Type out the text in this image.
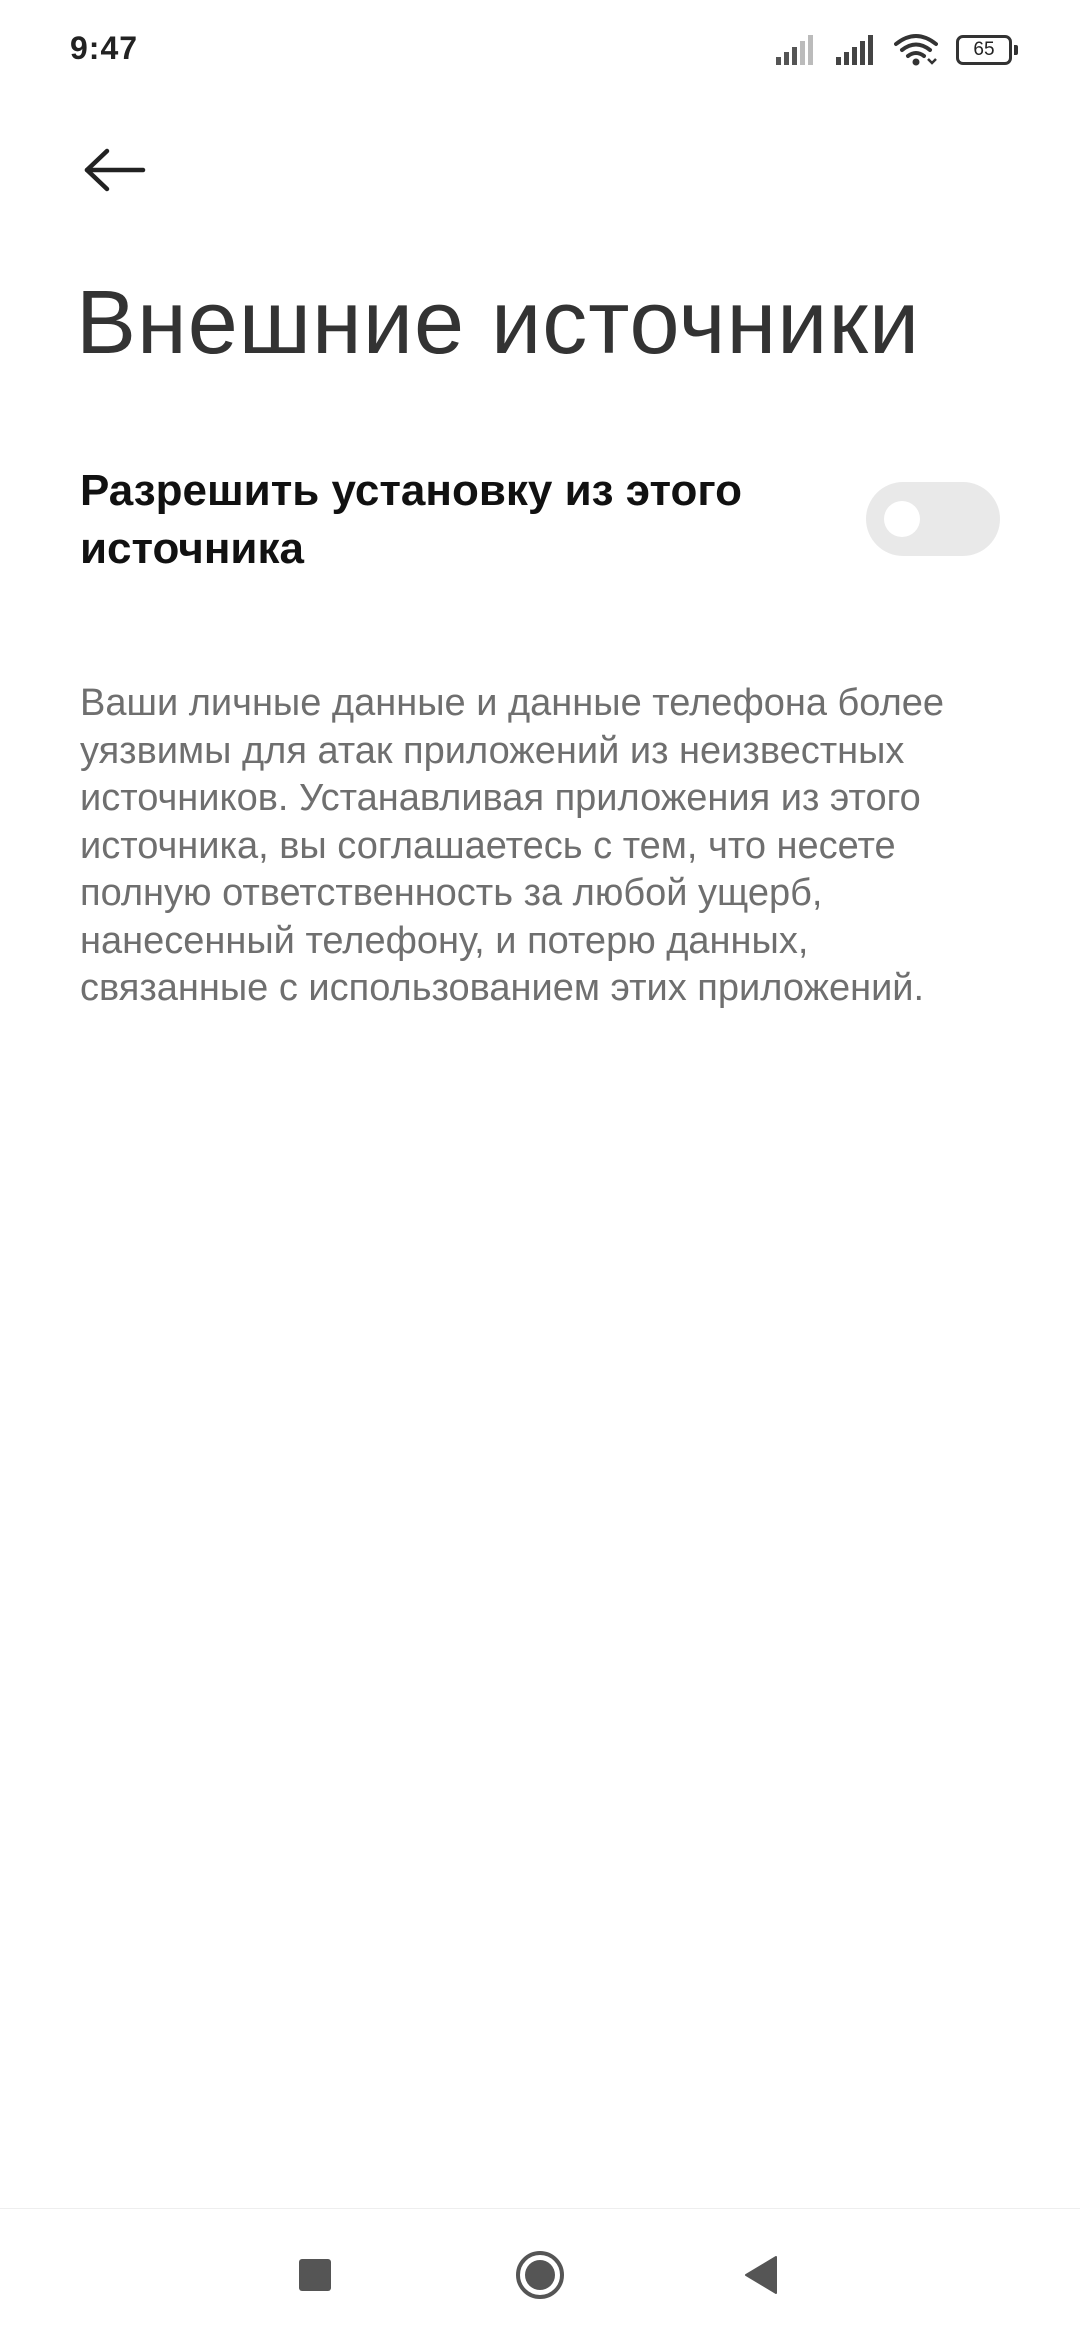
9:47	65
Внешние источники
Разрешить установку из этого источника
Ваши личные данные и данные телефона более уязвимы для атак приложений из неизвестных источников. Устанавливая приложения из этого источника, вы соглашаетесь с тем, что несете полную ответственность за любой ущерб, нанесенный телефону, и потерю данных, связанные с использованием этих приложений.
